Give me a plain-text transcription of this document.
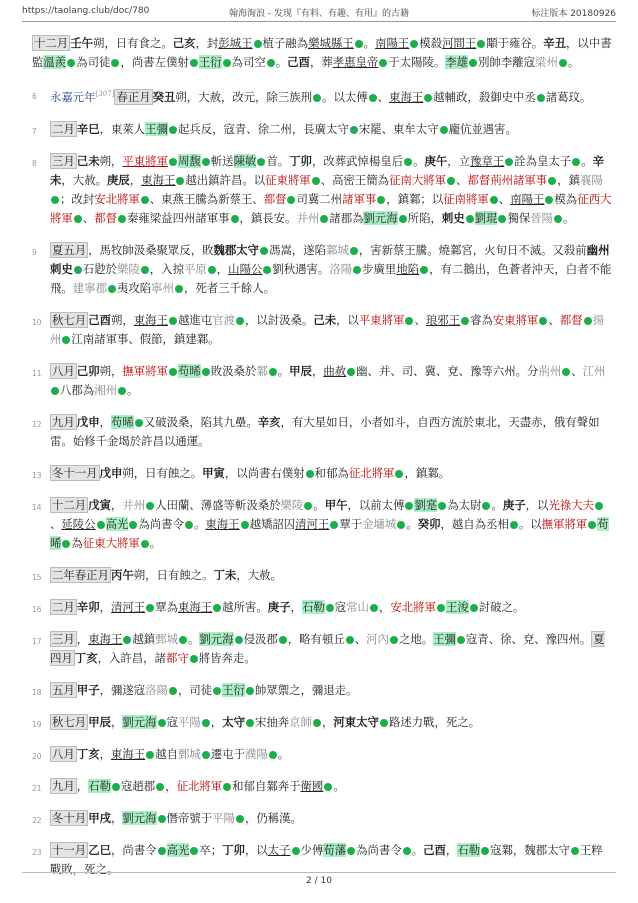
https://taolang.club/doc/780	翰海淘浪 - 发现『有料、有趣、有用』的古籍	标注版本 20180926
十二月 壬午朔，日有食之。己亥，封彭城王 植子融為樂城縣王 。南陽王 模殺河間王 顒于雍谷。辛丑，以中書監溫羨 為司徒 ，尚書左僕射 王衍 為司空 。己酉，葬孝惠皇帝 于太陽陵。李雄 別帥李離寇梁州 。
6 永嘉元年[307] 春正月 癸丑朔，大赦，改元，除三族刑 。以太傅 、東海王 越輔政，殺御史中丞 諸葛玟。
7 二月 辛巳，東萊人王彌 起兵反，寇青、徐二州，長廣太守 宋罷、東牟太守 龐伉並遇害。
8 三月 己未朔，平東將軍 周馥 斬送陳敏 首。丁卯，改葬武悼楊皇后 。庚午，立豫章王 詮為皇太子 。辛未，大赦。庚辰，東海王 越出鎮許昌。以征東將軍 、高密王簡為征南大將軍 、都督荊州諸軍事 ，鎮襄陽；改封安北將軍 、東燕王騰為新蔡王、都督 司冀二州諸軍事 ，鎮鄴；以征南將軍 、南陽王 模為征西大將軍 、都督 秦雍梁益四州諸軍事 ，鎮長安。并州 諸郡為劉元海 所陷，刺史 劉琨 獨保晉陽 。
9 夏五月 ，馬牧帥汲桑聚眾反，敗魏郡太守 馮嵩，遂陷鄴城 ，害新蔡王騰。燒鄴宮，火旬日不滅。又殺前幽州刺史 石尟於樂陵 ，入掠平原 ，山陽公 劉秋遇害。洛陽 步廣里地陷 ，有二鵝出，色蒼者沖天，白者不能飛。建寧郡 夷攻陷寧州 ，死者三千餘人。
10 秋七月 己酉朔，東海王 越進屯官渡 ，以討汲桑。己未，以平東將軍 、琅邪王 睿為安東將軍 、都督 揚州 江南諸軍事、假節，鎮建鄴。
11 八月 己卯朔，撫軍將軍 苟晞 敗汲桑於鄴 。甲辰，曲赦 幽、并、司、冀、兗、豫等六州。分荊州 、江州八郡為湘州 。
12 九月 戊申，苟晞 又破汲桑，陷其九壘。辛亥，有大星如日，小者如斗，自西方流於東北，天盡赤，俄有聲如雷。始修千金堨於許昌以通運。
13 冬十一月 戊申朔，日有蝕之。甲寅，以尚書右僕射 和郁為征北將軍 ，鎮鄴。
14 十二月 戊寅，并州 人田蘭、薄盛等斬汲桑於樂陵 。甲午，以前太傅 劉寔 為太尉 。庚子，以光祿大夫、延陵公 高光 為尚書令 。東海王 越矯詔囚清河王 覃于金墉城 。癸卯，越自為丞相 。以撫軍將軍 苟晞 為征東大將軍 。
15 二年春正月 丙午朔，日有蝕之。丁未，大赦。
16 二月 辛卯，清河王 覃為東海王 越所害。庚子，石勒 寇常山 ，安北將軍 王浚 討破之。
17 三月 ，東海王 越鎮鄄城 。劉元海 侵汲郡 ，略有頓丘 、河內 之地。王彌 寇青、徐、兗、豫四州。 夏四月 丁亥，入許昌，諸都守 將皆奔走。
18 五月 甲子，彌遂寇洛陽 ，司徒 王衍 帥眾禦之，彌退走。
19 秋七月 甲辰，劉元海 寇平陽 ，太守 宋抽奔京師 ，河東太守 路述力戰，死之。
20 八月 丁亥，東海王 越自鄄城 遷屯于濮陽 。
21 九月 ，石勒 寇趙郡 ，征北將軍 和郁自鄴奔于衛國 。
22 冬十月 甲戌，劉元海 僭帝號于平陽 ，仍稱漢。
23 十一月 乙巳，尚書令 高光 卒；丁卯，以太子 少傅荀藩 為尚書令 。己酉，石勒 寇鄴，魏郡太守 王粹戰敗，死之。
2 / 10
